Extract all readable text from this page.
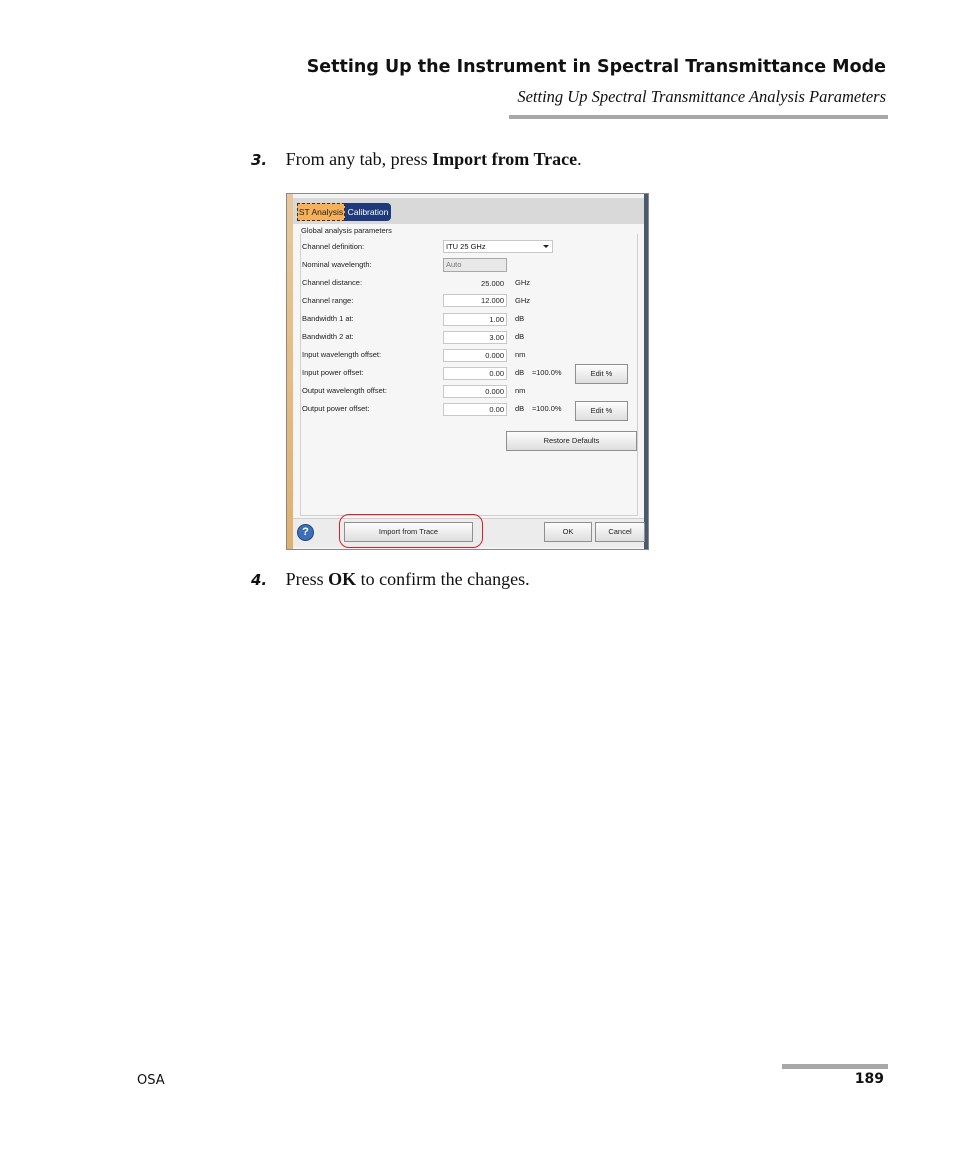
Setting Up the Instrument in Spectral Transmittance Mode
Setting Up Spectral Transmittance Analysis Parameters
3. From any tab, press Import from Trace.
ST Analysis Calibration
Global analysis parameters
Channel definition:	ITU 25 GHz
Nominal wavelength:	Auto
Channel distance:	25.000	GHz
Channel range:	12.000	GHz
Bandwidth 1 at:	1.00	dB
Bandwidth 2 at:	3.00	dB
Input wavelength offset:	0.000	nm
Input power offset:	0.00	dB ≈100.0%	Edit %
Output wavelength offset:	0.000	nm
Output power offset:	0.00	dB ≈100.0%	Edit %
Restore Defaults
?	Import from Trace	OK	Cancel
4. Press OK to confirm the changes.
OSA	189
